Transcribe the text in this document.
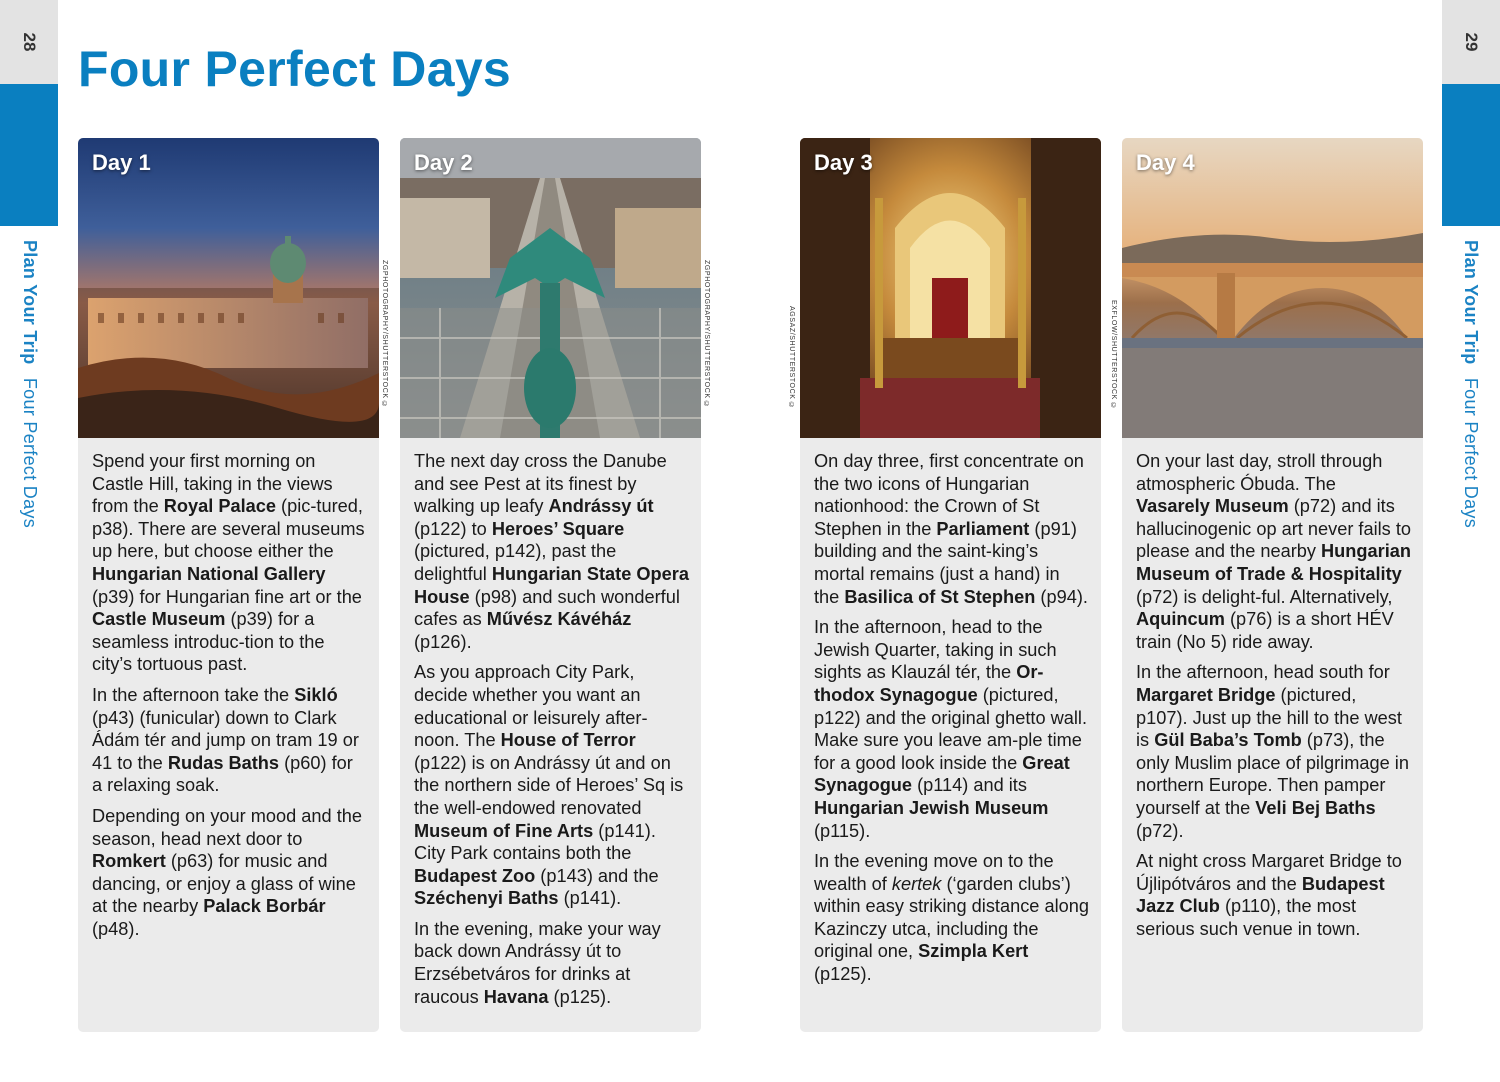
28
Plan Your Trip Four Perfect Days
29
Plan Your Trip Four Perfect Days
Four Perfect Days
Day 1

Spend your first morning on Castle Hill, taking in the views from the Royal Palace (pic-tured, p38). There are several museums up here, but choose either the Hungarian National Gallery (p39) for Hungarian fine art or the Castle Museum (p39) for a seamless introduc-tion to the city’s tortuous past.

In the afternoon take the Sikló (p43) (funicular) down to Clark Ádám tér and jump on tram 19 or 41 to the Rudas Baths (p60) for a relaxing soak.

Depending on your mood and the season, head next door to Romkert (p63) for music and dancing, or enjoy a glass of wine at the nearby Palack Borbár (p48).

ZGPHOTOGRAPHY/SHUTTERSTOCK ©
Day 2

The next day cross the Danube and see Pest at its finest by walking up leafy Andrássy út (p122) to Heroes’ Square (pictured, p142), past the delightful Hungarian State Opera House (p98) and such wonderful cafes as Művész Kávéház (p126).

As you approach City Park, decide whether you want an educational or leisurely after-noon. The House of Terror (p122) is on Andrássy út and on the northern side of Heroes’ Sq is the well-endowed renovated Museum of Fine Arts (p141). City Park contains both the Budapest Zoo (p143) and the Széchenyi Baths (p141).

In the evening, make your way back down Andrássy út to Erzsébetváros for drinks at raucous Havana (p125).

ZGPHOTOGRAPHY/SHUTTERSTOCK ©	AGSAZ/SHUTTERSTOCK ©
Day 3

On day three, first concentrate on the two icons of Hungarian nationhood: the Crown of St Stephen in the Parliament (p91) building and the saint-king’s mortal remains (just a hand) in the Basilica of St Stephen (p94).

In the afternoon, head to the Jewish Quarter, taking in such sights as Klauzál tér, the Or-thodox Synagogue (pictured, p122) and the original ghetto wall. Make sure you leave am-ple time for a good look inside the Great Synagogue (p114) and its Hungarian Jewish Museum (p115).

In the evening move on to the wealth of kertek (‘garden clubs’) within easy striking distance along Kazinczy utca, including the original one, Szimpla Kert (p125).

EXFLOW/SHUTTERSTOCK ©
Day 4

On your last day, stroll through atmospheric Óbuda. The Vasarely Museum (p72) and its hallucinogenic op art never fails to please and the nearby Hungarian Museum of Trade & Hospitality (p72) is delight-ful. Alternatively, Aquincum (p76) is a short HÉV train (No 5) ride away.

In the afternoon, head south for Margaret Bridge (pictured, p107). Just up the hill to the west is Gül Baba’s Tomb (p73), the only Muslim place of pilgrimage in northern Europe. Then pamper yourself at the Veli Bej Baths (p72).

At night cross Margaret Bridge to Újlipótváros and the Budapest Jazz Club (p110), the most serious such venue in town.
